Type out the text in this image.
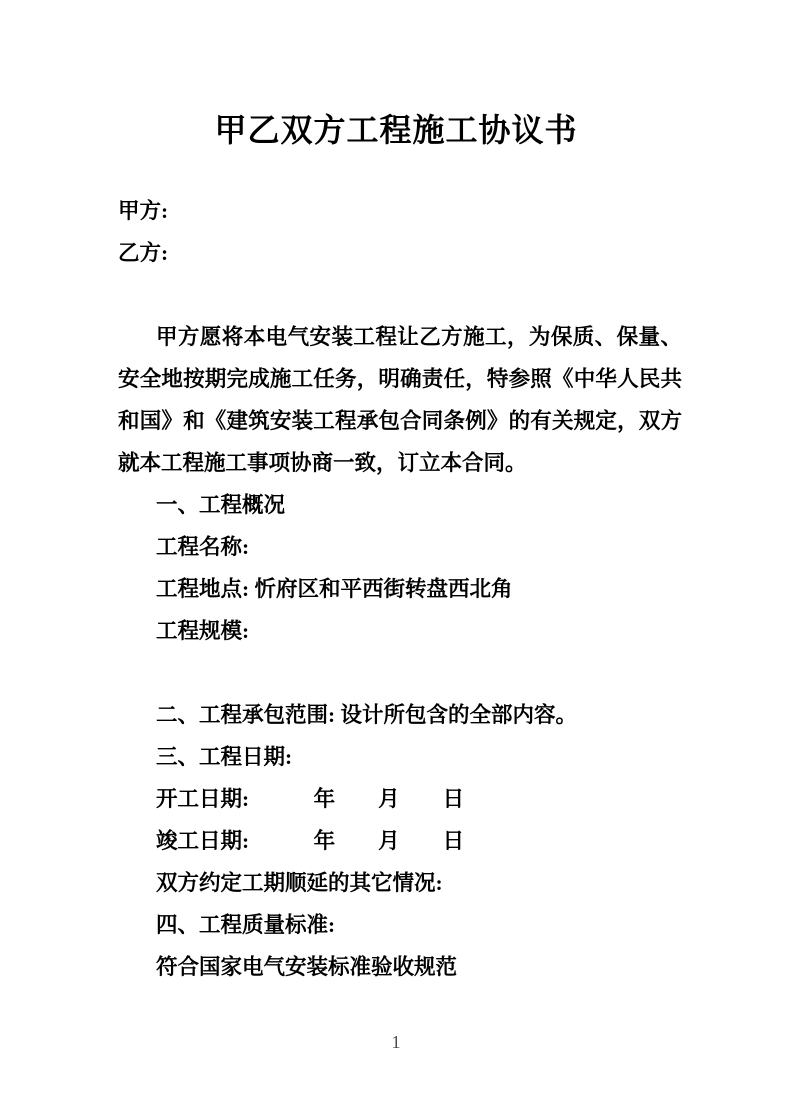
甲乙双方工程施工协议书
甲方:
乙方:
甲方愿将本电气安装工程让乙方施工，为保质、保量、
安全地按期完成施工任务，明确责任，特参照《中华人民共
和国》和《建筑安装工程承包合同条例》的有关规定，双方
就本工程施工事项协商一致，订立本合同。
一、工程概况
工程名称:
工程地点: 忻府区和平西街转盘西北角
工程规模:
二、工程承包范围: 设计所包含的全部内容。
三、工程日期:
开工日期:　　　年　　月　　日
竣工日期:　　　年　　月　　日
双方约定工期顺延的其它情况:
四、工程质量标准:
符合国家电气安装标准验收规范
1
